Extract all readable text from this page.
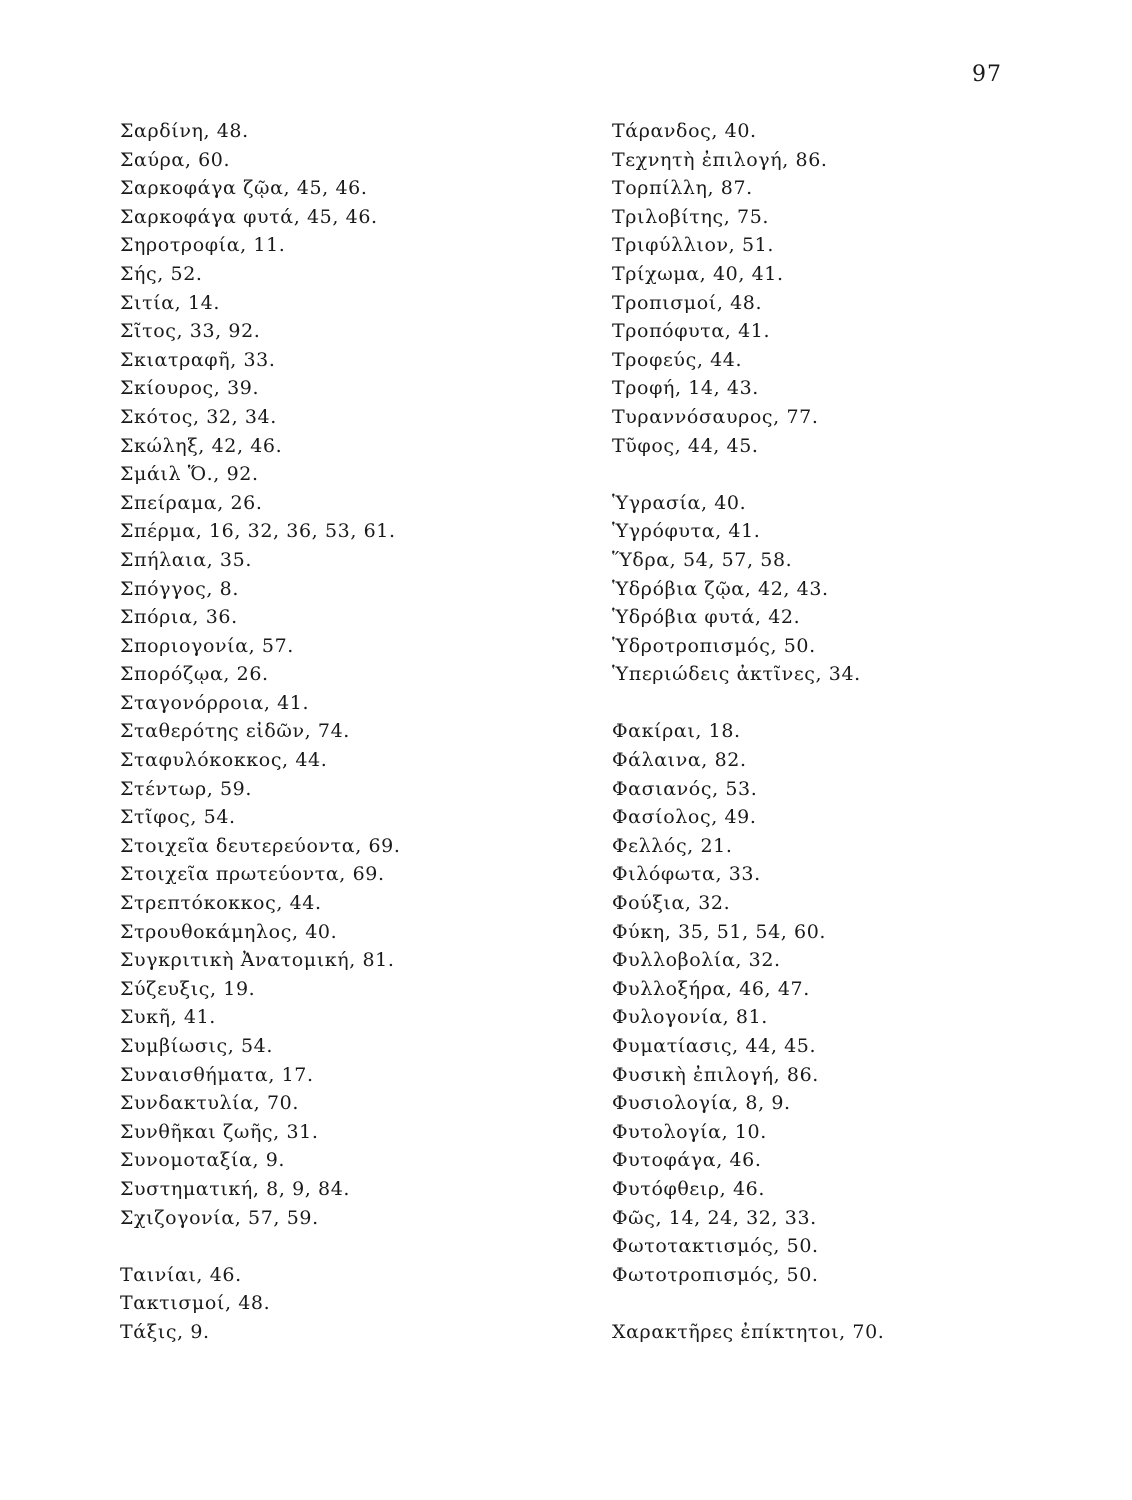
97
Σαρδίνη, 48.
Σαύρα, 60.
Σαρκοφάγα ζῷα, 45, 46.
Σαρκοφάγα φυτά, 45, 46.
Σηροτροφία, 11.
Σής, 52.
Σιτία, 14.
Σῖτος, 33, 92.
Σκιατραφῆ, 33.
Σκίουρος, 39.
Σκότος, 32, 34.
Σκώληξ, 42, 46.
Σμάιλ Ὅ., 92.
Σπείραμα, 26.
Σπέρμα, 16, 32, 36, 53, 61.
Σπήλαια, 35.
Σπόγγος, 8.
Σπόρια, 36.
Σποριογονία, 57.
Σπορόζῳα, 26.
Σταγονόρροια, 41.
Σταθερότης εἰδῶν, 74.
Σταφυλόκοκκος, 44.
Στέντωρ, 59.
Στῖφος, 54.
Στοιχεῖα δευτερεύοντα, 69.
Στοιχεῖα πρωτεύοντα, 69.
Στρεπτόκοκκος, 44.
Στρουθοκάμηλος, 40.
Συγκριτικὴ Ἀνατομική, 81.
Σύζευξις, 19.
Συκῆ, 41.
Συμβίωσις, 54.
Συναισθήματα, 17.
Συνδακτυλία, 70.
Συνθῆκαι ζωῆς, 31.
Συνομοταξία, 9.
Συστηματική, 8, 9, 84.
Σχιζογονία, 57, 59.
Ταινίαι, 46.
Τακτισμοί, 48.
Τάξις, 9.
Τάρανδος, 40.
Τεχνητὴ ἐπιλογή, 86.
Τορπίλλη, 87.
Τριλοβίτης, 75.
Τριφύλλιον, 51.
Τρίχωμα, 40, 41.
Τροπισμοί, 48.
Τροπόφυτα, 41.
Τροφεύς, 44.
Τροφή, 14, 43.
Τυραννόσαυρος, 77.
Τῦφος, 44, 45.
Ὑγρασία, 40.
Ὑγρόφυτα, 41.
Ὕδρα, 54, 57, 58.
Ὑδρόβια ζῷα, 42, 43.
Ὑδρόβια φυτά, 42.
Ὑδροτροπισμός, 50.
Ὑπεριώδεις ἀκτῖνες, 34.
Φακίραι, 18.
Φάλαινα, 82.
Φασιανός, 53.
Φασίολος, 49.
Φελλός, 21.
Φιλόφωτα, 33.
Φούξια, 32.
Φύκη, 35, 51, 54, 60.
Φυλλοβολία, 32.
Φυλλοξήρα, 46, 47.
Φυλογονία, 81.
Φυματίασις, 44, 45.
Φυσικὴ ἐπιλογή, 86.
Φυσιολογία, 8, 9.
Φυτολογία, 10.
Φυτοφάγα, 46.
Φυτόφθειρ, 46.
Φῶς, 14, 24, 32, 33.
Φωτοτακτισμός, 50.
Φωτοτροπισμός, 50.
Χαρακτῆρες ἐπίκτητοι, 70.
